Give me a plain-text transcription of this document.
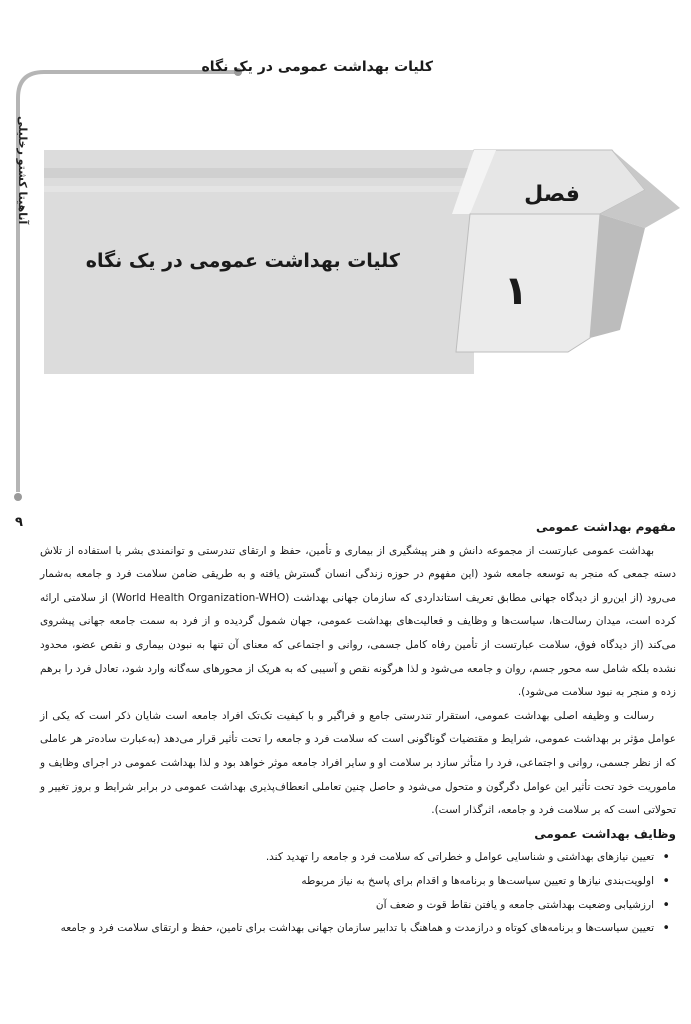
کلیات بهداشت عمومی در یک نگاه
آناهیتا کشتو رخلیلی
۹
فصل
کلیات بهداشت عمومی در یک نگاه
۱
مفهوم بهداشت عمومی

بهداشت عمومی عبارتست از مجموعه دانش و هنر پیشگیری از بیماری و تأمین، حفظ و ارتقای تندرستی و توانمندی بشر با استفاده از تلاش دسته جمعی که منجر به توسعه جامعه شود (این مفهوم در حوزه زندگی انسان گسترش یافته و به طریقی ضامن سلامت فرد و جامعه به‌شمار می‌رود (از این‌رو از دیدگاه جهانی مطابق تعریف استانداردی که سازمان جهانی بهداشت (World Health Organization-WHO) از سلامتی ارائه کرده است، میدان رسالت‌ها، سیاست‌ها و وظایف و فعالیت‌های بهداشت عمومی، جهان شمول گردیده و از فرد به سمت جامعه جهانی پیشروی می‌کند (از دیدگاه فوق، سلامت عبارتست از تأمین رفاه کامل جسمی، روانی و اجتماعی که معنای آن تنها به نبودن بیماری و نقص عضو، محدود نشده بلکه شامل سه محور جسم، روان و جامعه می‌شود و لذا هرگونه نقص و آسیبی که به هریک از محورهای سه‌گانه وارد شود، تعادل فرد را برهم زده و منجر به نبود سلامت می‌شود).

رسالت و وظیفه اصلی بهداشت عمومی، استقرار تندرستی جامع و فراگیر و با کیفیت تک‌تک افراد جامعه است شایان ذکر است که یکی از عوامل مؤثر بر بهداشت عمومی، شرایط و مقتضیات گوناگونی است که سلامت فرد و جامعه را تحت تأثیر قرار می‌دهد (به‌عبارت ساده‌تر هر عاملی که از نظر جسمی، روانی و اجتماعی، فرد را متأثر سازد بر سلامت او و سایر افراد جامعه موثر خواهد بود و لذا بهداشت عمومی در اجرای وظایف و ماموریت خود تحت تأثیر این عوامل دگرگون و متحول می‌شود و حاصل چنین تعاملی انعطاف‌پذیری بهداشت عمومی در برابر شرایط و بروز تغییر و تحولاتی است که بر سلامت فرد و جامعه، اثرگذار است).

وظایف بهداشت عمومی
• تعیین نیازهای بهداشتی و شناسایی عوامل و خطراتی که سلامت فرد و جامعه را تهدید کند.
• اولویت‌بندی نیازها و تعیین سیاست‌ها و برنامه‌ها و اقدام برای پاسخ به نیاز مربوطه
• ارزشیابی وضعیت بهداشتی جامعه و یافتن نقاط قوت و ضعف آن
• تعیین سیاست‌ها و برنامه‌های کوتاه و درازمدت و هماهنگ با تدابیر سازمان جهانی بهداشت برای تامین، حفظ و ارتقای سلامت فرد و جامعه
